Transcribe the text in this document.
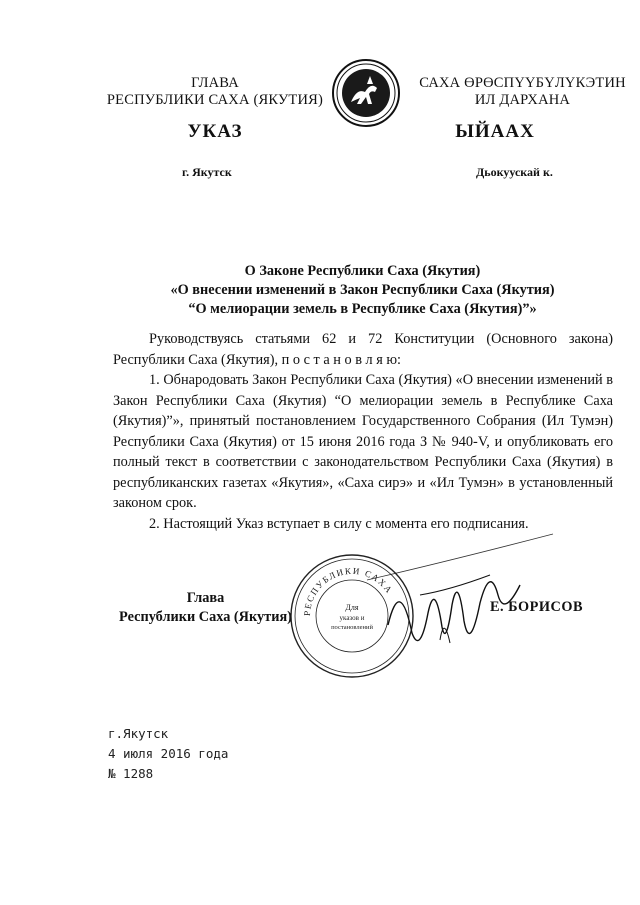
ГЛАВА
РЕСПУБЛИКИ САХА (ЯКУТИЯ)
САХА ӨРӨСПҮҮБҮЛҮКЭТИН
ИЛ ДАРХАНА
УКАЗ	ЫЙААХ
г. Якутск	Дьокуускай к.
О Законе Республики Саха (Якутия)
«О внесении изменений в Закон Республики Саха (Якутия)
“О мелиорации земель в Республике Саха (Якутия)”»

Руководствуясь статьями 62 и 72 Конституции (Основного закона) Республики Саха (Якутия), п о с т а н о в л я ю:

1. Обнародовать Закон Республики Саха (Якутия) «О внесении изменений в Закон Республики Саха (Якутия) “О мелиорации земель в Республике Саха (Якутия)”», принятый постановлением Государственного Собрания (Ил Тумэн) Республики Саха (Якутия) от 15 июня 2016 года З № 940-V, и опубликовать его полный текст в соответствии с законодательством Республики Саха (Якутия) в республиканских газетах «Якутия», «Саха сирэ» и «Ил Тумэн» в установленный законом срок.

2. Настоящий Указ вступает в силу с момента его подписания.

Глава
Республики Саха (Якутия)	РЕСПУБЛИКИ САХА
Для
указов и
постановлений
Е. БОРИСОВ
г.Якутск
4 июля 2016 года
№ 1288
